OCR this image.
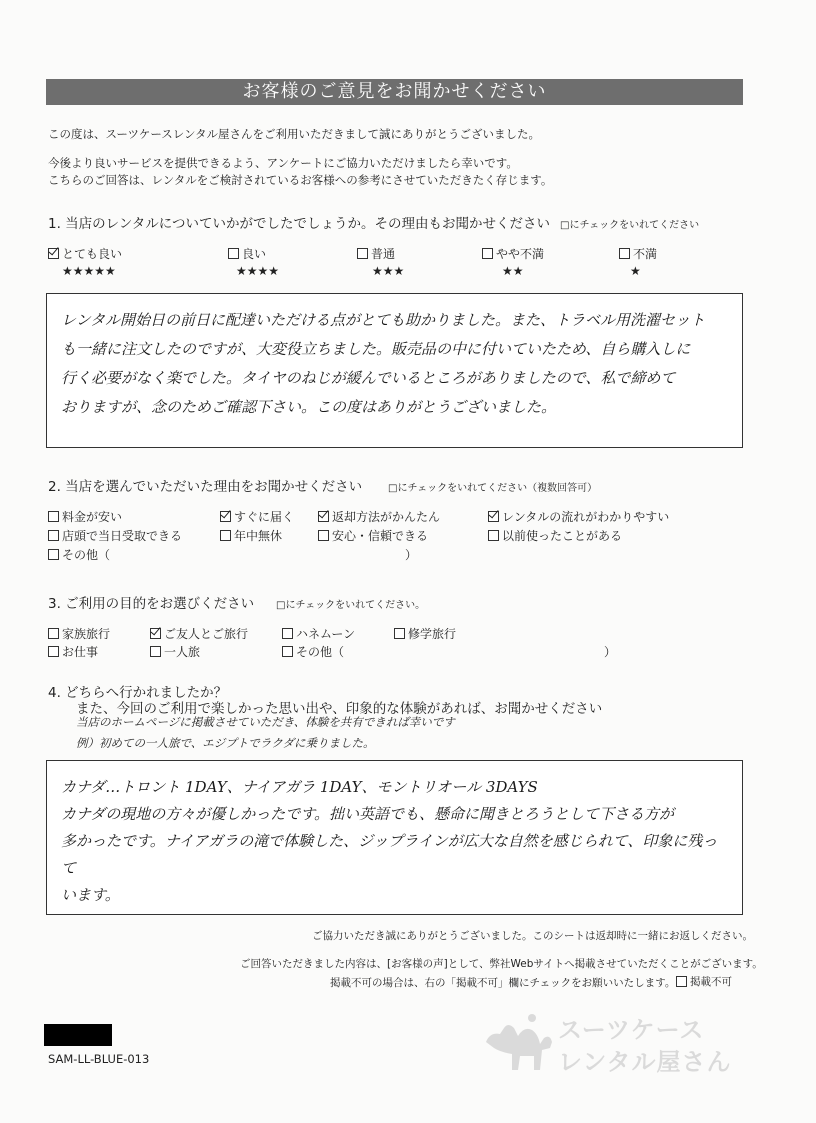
お客様のご意見をお聞かせください
この度は、スーツケースレンタル屋さんをご利用いただきまして誠にありがとうございました。
今後より良いサービスを提供できるよう、アンケートにご協力いただけましたら幸いです。
こちらのご回答は、レンタルをご検討されているお客様への参考にさせていただきたく存じます。
1. 当店のレンタルについていかがでしたでしょうか。その理由もお聞かせください □にチェックをいれてください
とても良い
★★★★★
良い
★★★★
普通
★★★
やや不満
★★
不満
★
レンタル開始日の前日に配達いただける点がとても助かりました。また、トラベル用洗濯セット
も一緒に注文したのですが、大変役立ちました。販売品の中に付いていたため、自ら購入しに
行く必要がなく楽でした。タイヤのねじが緩んでいるところがありましたので、私で締めて
おりますが、念のためご確認下さい。この度はありがとうございました。
2. 当店を選んでいただいた理由をお聞かせください	□にチェックをいれてください（複数回答可）
料金が安い	すぐに届く	返却方法がかんたん	レンタルの流れがわかりやすい
店頭で当日受取できる	年中無休	安心・信頼できる	以前使ったことがある
その他（	）
3. ご利用の目的をお選びください □にチェックをいれてください。
家族旅行	ご友人とご旅行	ハネムーン	修学旅行
お仕事	一人旅	その他（	）
4. どちらへ行かれましたか？
また、今回のご利用で楽しかった思い出や、印象的な体験があれば、お聞かせください
当店のホームページに掲載させていただき、体験を共有できれば幸いです
例）初めての一人旅で、エジプトでラクダに乗りました。
カナダ…トロント 1DAY、ナイアガラ 1DAY、モントリオール 3DAYS
カナダの現地の方々が優しかったです。拙い英語でも、懸命に聞きとろうとして下さる方が
多かったです。ナイアガラの滝で体験した、ジップラインが広大な自然を感じられて、印象に残って
います。
ご協力いただき誠にありがとうございました。このシートは返却時に一緒にお返しください。
ご回答いただきました内容は、[お客様の声]として、弊社Webサイトへ掲載させていただくことがございます。
掲載不可の場合は、右の「掲載不可」欄にチェックをお願いいたします。 掲載不可
SAM-LL-BLUE-013
スーツケース
レンタル屋さん
